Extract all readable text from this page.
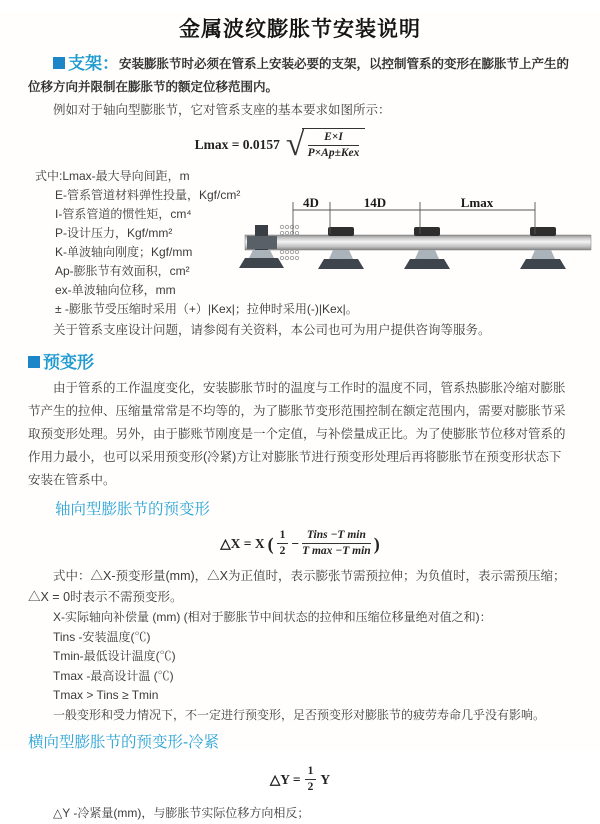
金属波纹膨胀节安装说明

支架：安装膨胀节时必须在管系上安装必要的支架，以控制管系的变形在膨胀节上产生的位移方向并限制在膨胀节的额定位移范围内。

例如对于轴向型膨胀节，它对管系支座的基本要求如图所示：

Lmax = 0.0157 √ $\frac{E\times I}{\text{P×Ap±Kex}}$

式中:Lmax-最大导向间距，m

E-管系管道材料弹性投量，Kgf/cm²

I-管系管道的惯性矩，cm⁴

P-设计压力，Kgf/mm²

K-单波轴向刚度；Kgf/mm

Ap-膨胀节有效面积，cm²

ex-单波轴向位移，mm

± -膨胀节受压缩时采用（+）|Kex|；拉伸时采用(-)|Kex|。

关于管系支座设计问题，请参阅有关资料，本公司也可为用户提供咨询等服务。

4D	14D	Lmax

预变形

由于管系的工作温度变化，安装膨胀节时的温度与工作时的温度不同，管系热膨胀冷缩对膨胀节产生的拉伸、压缩量常常是不均等的，为了膨胀节变形范围控制在额定范围内，需要对膨胀节采取预变形处理。另外，由于膨账节刚度是一个定值，与补偿量成正比。为了使膨胀节位移对管系的作用力最小，也可以采用预变形(冷紧)方让对膨胀节进行预变形处理后再将膨胀节在预变形状态下安装在管系中。

轴向型膨胀节的预变形

△X = X ( $\frac{1}{2} - \frac{\text{Tins −T min}}{\text{T max −T min}}$ )

式中：△X-预变形量(mm)，△X为正值时，表示膨张节需预拉伸；为负值时，表示需预压缩；△X = 0时表示不需预变形。

X-实际轴向补偿量 (mm) (相对于膨胀节中间状态的拉伸和压缩位移量绝对值之和)：

Tins -安装温度(℃)

Tmin-最低设计温度(℃)

Tmax -最高设计温 (℃)

Tmax > Tins ≥ Tmin

一般变形和受力情况下，不一定进行预变形，足否预变形对膨胀节的疲劳寿命几乎没有影响。

横向型膨胀节的预变形-冷紧

△Y = $\frac{1}{2}$ Y

△Y -冷紧量(mm)，与膨胀节实际位移方向相反；
